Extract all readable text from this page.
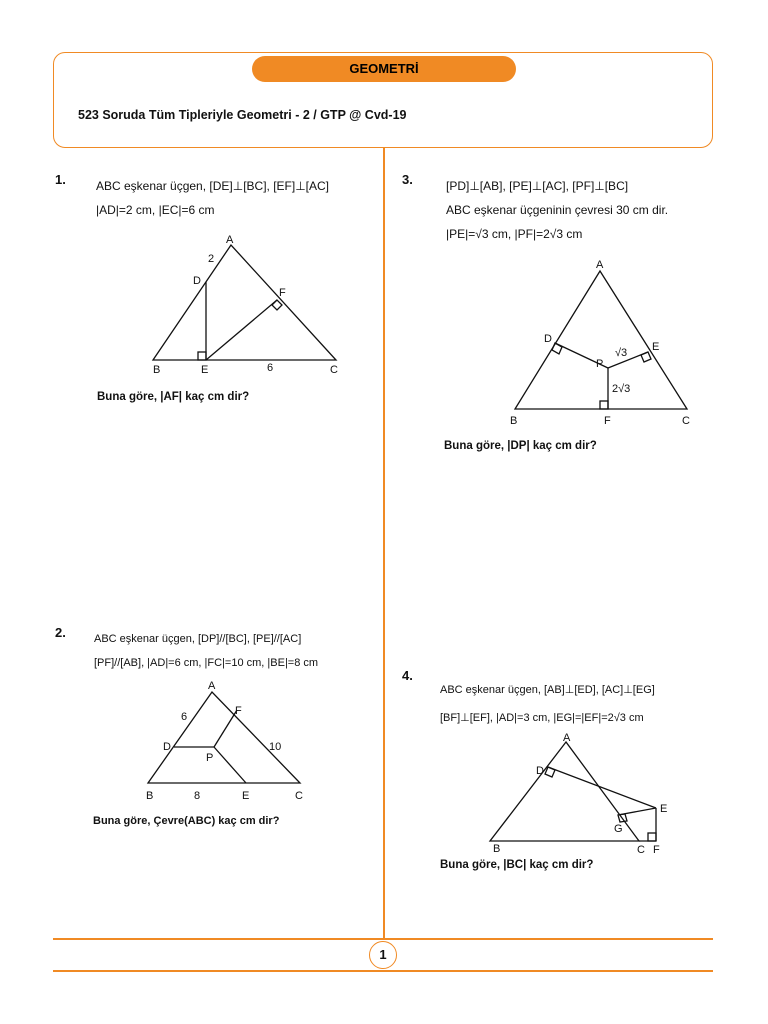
GEOMETRİ
523 Soruda Tüm Tipleriyle Geometri - 2 / GTP @ Cvd-19
1
1.	ABC eşkenar üçgen, [DE]⊥[BC], [EF]⊥[AC]
|AD|=2 cm, |EC|=6 cm
A
2
D
F
B	E	6	C
Buna göre, |AF| kaç cm dir?
2.	ABC eşkenar üçgen, [DP]//[BC], [PE]//[AC]
[PF]//[AB], |AD|=6 cm, |FC|=10 cm, |BE|=8 cm
A
6	F
10
D
P
B	8	E	C
Buna göre, Çevre(ABC) kaç cm dir?
3.	[PD]⊥[AB], [PE]⊥[AC], [PF]⊥[BC]
ABC eşkenar üçgeninin çevresi 30 cm dir.
|PE|=√3 cm, |PF|=2√3 cm
A
D
E
√3
P
2√3
B	F	C
Buna göre, |DP| kaç cm dir?
4.
ABC eşkenar üçgen, [AB]⊥[ED], [AC]⊥[EG]
[BF]⊥[EF], |AD|=3 cm, |EG|=|EF|=2√3 cm
A
D
E
G
B	C F
Buna göre, |BC| kaç cm dir?
